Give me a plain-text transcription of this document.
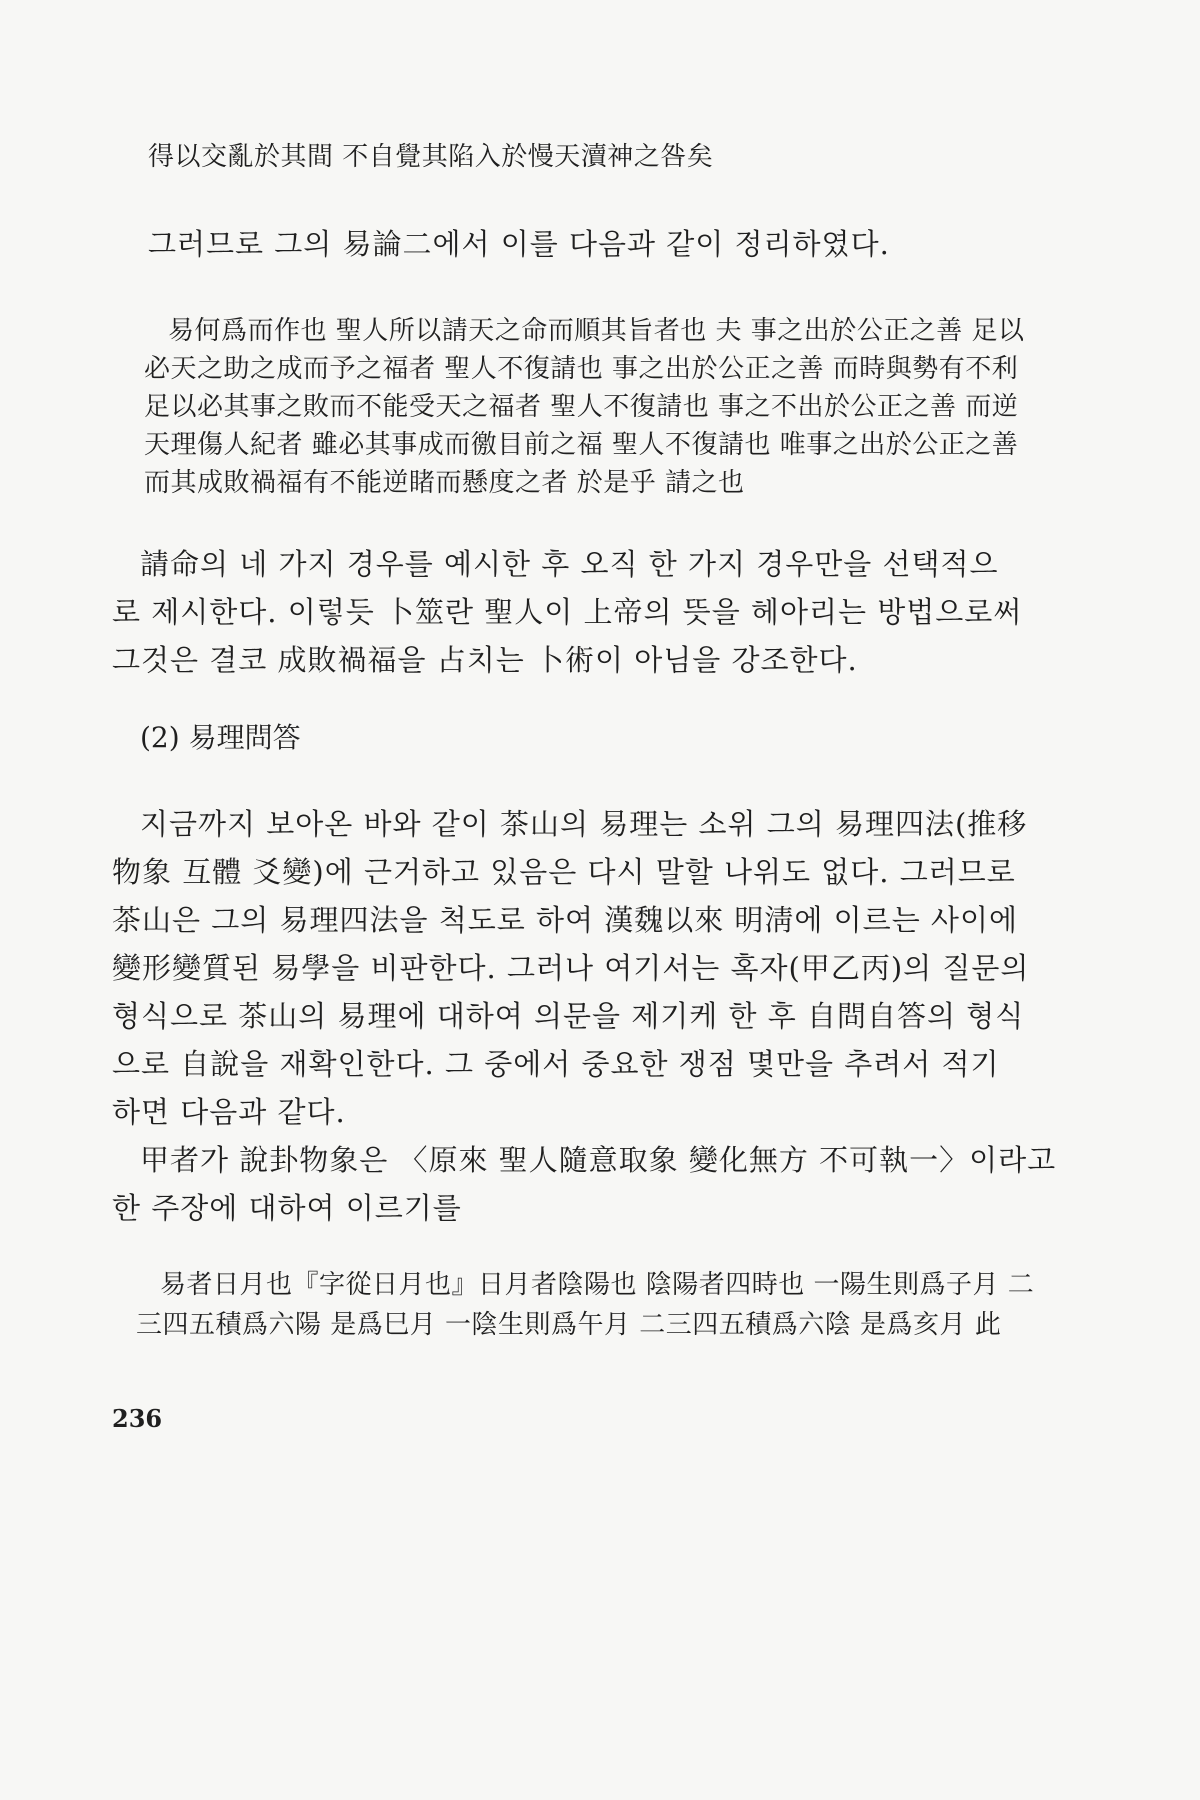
得以交亂於其間 不自覺其陷入於慢天瀆神之咎矣

그러므로 그의 易論二에서 이를 다음과 같이 정리하였다.

易何爲而作也 聖人所以請天之命而順其旨者也 夫 事之出於公正之善 足以

必天之助之成而予之福者 聖人不復請也 事之出於公正之善 而時與勢有不利

足以必其事之敗而不能受天之福者 聖人不復請也 事之不出於公正之善 而逆

天理傷人紀者 雖必其事成而徼目前之福 聖人不復請也 唯事之出於公正之善

而其成敗禍福有不能逆睹而懸度之者 於是乎 請之也

請命의 네 가지 경우를 예시한 후 오직 한 가지 경우만을 선택적으

로 제시한다. 이렇듯 卜筮란 聖人이 上帝의 뜻을 헤아리는 방법으로써

그것은 결코 成敗禍福을 占치는 卜術이 아님을 강조한다.

(2) 易理問答

지금까지 보아온 바와 같이 茶山의 易理는 소위 그의 易理四法(推移

物象 互體 爻變)에 근거하고 있음은 다시 말할 나위도 없다. 그러므로

茶山은 그의 易理四法을 척도로 하여 漢魏以來 明淸에 이르는 사이에

變形變質된 易學을 비판한다. 그러나 여기서는 혹자(甲乙丙)의 질문의

형식으로 茶山의 易理에 대하여 의문을 제기케 한 후 自問自答의 형식

으로 自說을 재확인한다. 그 중에서 중요한 쟁점 몇만을 추려서 적기

하면 다음과 같다.

甲者가 說卦物象은 〈原來 聖人隨意取象 變化無方 不可執一〉이라고

한 주장에 대하여 이르기를

易者日月也『字從日月也』日月者陰陽也 陰陽者四時也 一陽生則爲子月 二

三四五積爲六陽 是爲巳月 一陰生則爲午月 二三四五積爲六陰 是爲亥月 此

236
